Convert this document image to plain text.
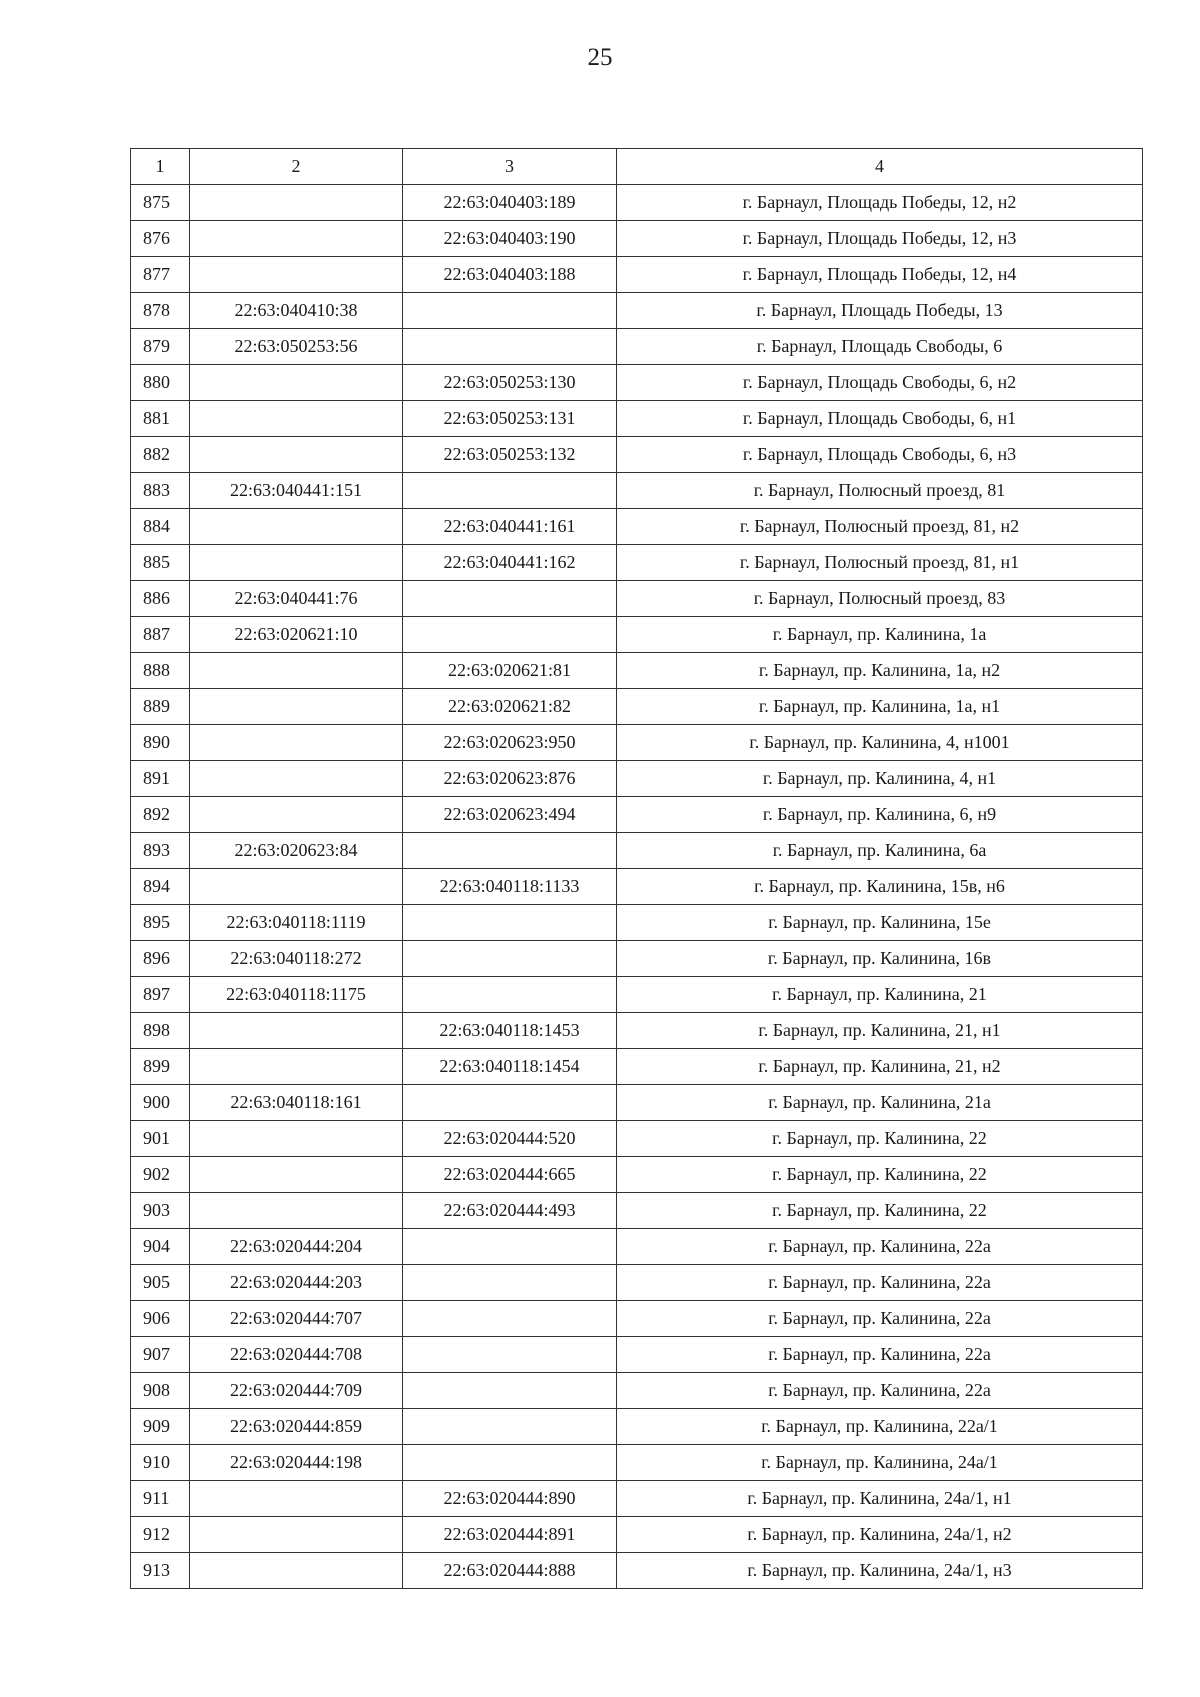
25
1	2	3	4
875		22:63:040403:189	г. Барнаул, Площадь Победы, 12, н2
876		22:63:040403:190	г. Барнаул, Площадь Победы, 12, н3
877		22:63:040403:188	г. Барнаул, Площадь Победы, 12, н4
878	22:63:040410:38		г. Барнаул, Площадь Победы, 13
879	22:63:050253:56		г. Барнаул, Площадь Свободы, 6
880		22:63:050253:130	г. Барнаул, Площадь Свободы, 6, н2
881		22:63:050253:131	г. Барнаул, Площадь Свободы, 6, н1
882		22:63:050253:132	г. Барнаул, Площадь Свободы, 6, н3
883	22:63:040441:151		г. Барнаул, Полюсный проезд, 81
884		22:63:040441:161	г. Барнаул, Полюсный проезд, 81, н2
885		22:63:040441:162	г. Барнаул, Полюсный проезд, 81, н1
886	22:63:040441:76		г. Барнаул, Полюсный проезд, 83
887	22:63:020621:10		г. Барнаул, пр. Калинина, 1а
888		22:63:020621:81	г. Барнаул, пр. Калинина, 1а, н2
889		22:63:020621:82	г. Барнаул, пр. Калинина, 1а, н1
890		22:63:020623:950	г. Барнаул, пр. Калинина, 4, н1001
891		22:63:020623:876	г. Барнаул, пр. Калинина, 4, н1
892		22:63:020623:494	г. Барнаул, пр. Калинина, 6, н9
893	22:63:020623:84		г. Барнаул, пр. Калинина, 6а
894		22:63:040118:1133	г. Барнаул, пр. Калинина, 15в, н6
895	22:63:040118:1119		г. Барнаул, пр. Калинина, 15е
896	22:63:040118:272		г. Барнаул, пр. Калинина, 16в
897	22:63:040118:1175		г. Барнаул, пр. Калинина, 21
898		22:63:040118:1453	г. Барнаул, пр. Калинина, 21, н1
899		22:63:040118:1454	г. Барнаул, пр. Калинина, 21, н2
900	22:63:040118:161		г. Барнаул, пр. Калинина, 21а
901		22:63:020444:520	г. Барнаул, пр. Калинина, 22
902		22:63:020444:665	г. Барнаул, пр. Калинина, 22
903		22:63:020444:493	г. Барнаул, пр. Калинина, 22
904	22:63:020444:204		г. Барнаул, пр. Калинина, 22а
905	22:63:020444:203		г. Барнаул, пр. Калинина, 22а
906	22:63:020444:707		г. Барнаул, пр. Калинина, 22а
907	22:63:020444:708		г. Барнаул, пр. Калинина, 22а
908	22:63:020444:709		г. Барнаул, пр. Калинина, 22а
909	22:63:020444:859		г. Барнаул, пр. Калинина, 22а/1
910	22:63:020444:198		г. Барнаул, пр. Калинина, 24а/1
911		22:63:020444:890	г. Барнаул, пр. Калинина, 24а/1, н1
912		22:63:020444:891	г. Барнаул, пр. Калинина, 24а/1, н2
913		22:63:020444:888	г. Барнаул, пр. Калинина, 24а/1, н3
